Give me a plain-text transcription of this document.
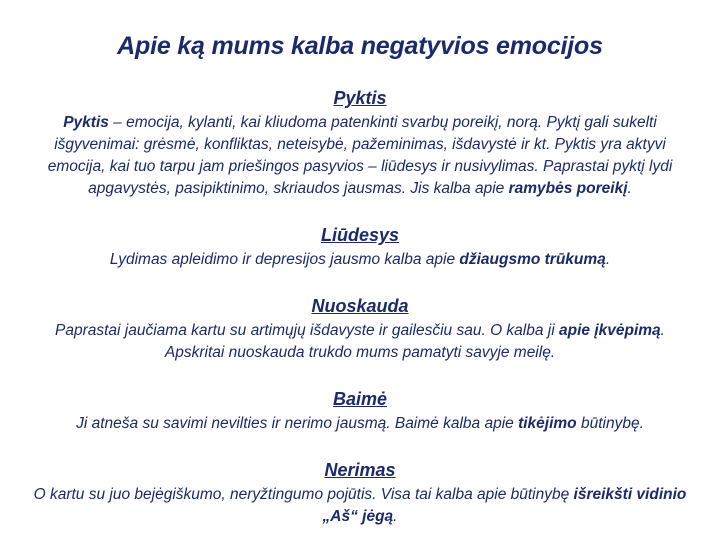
Apie ką mums kalba negatyvios emocijos
Pyktis

Pyktis – emocija, kylanti, kai kliudoma patenkinti svarbų poreikį, norą. Pyktį gali sukelti išgyvenimai: grėsmė, konfliktas, neteisybė, pažeminimas, išdavystė ir kt. Pyktis yra aktyvi emocija, kai tuo tarpu jam priešingos pasyvios – liūdesys ir nusivylimas. Paprastai pyktį lydi apgavystės, pasipiktinimo, skriaudos jausmas. Jis kalba apie ramybės poreikį.

Liūdesys

Lydimas apleidimo ir depresijos jausmo kalba apie džiaugsmo trūkumą.

Nuoskauda

Paprastai jaučiama kartu su artimųjų išdavyste ir gailesčiu sau. O kalba ji apie įkvėpimą. Apskritai nuoskauda trukdo mums pamatyti savyje meilę.

Baimė

Ji atneša su savimi nevilties ir nerimo jausmą. Baimė kalba apie tikėjimo būtinybę.

Nerimas

O kartu su juo bejėgiškumo, neryžtingumo pojūtis. Visa tai kalba apie būtinybę išreikšti vidinio „Aš“ jėgą.
